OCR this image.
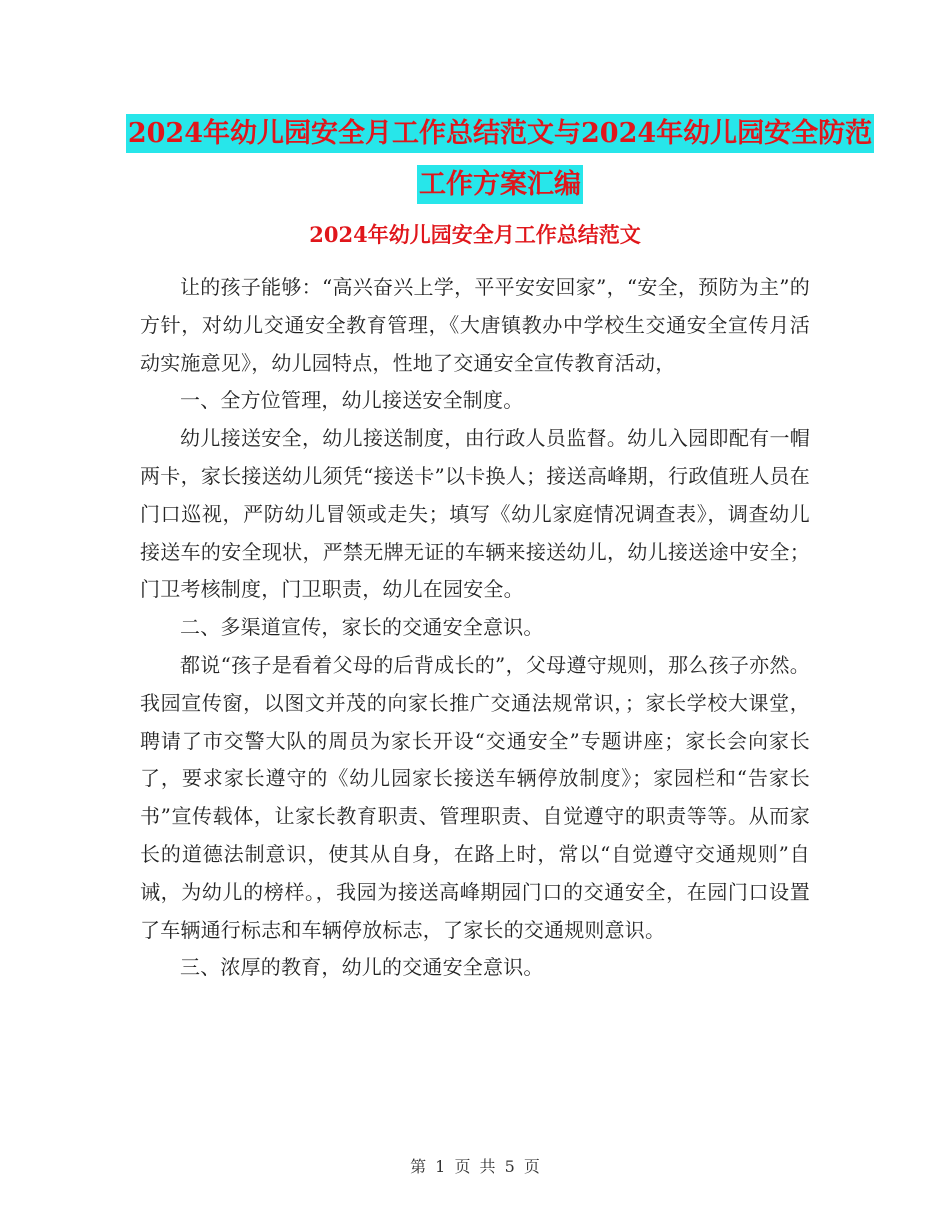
2024年幼儿园安全月工作总结范文与2024年幼儿园安全防范工作方案汇编
2024年幼儿园安全月工作总结范文

让的孩子能够：“高兴奋兴上学，平平安安回家”，“安全，预防为主”的方针，对幼儿交通安全教育管理，《大唐镇教办中学校生交通安全宣传月活动实施意见》，幼儿园特点，性地了交通安全宣传教育活动，

一、全方位管理，幼儿接送安全制度。

幼儿接送安全，幼儿接送制度，由行政人员监督。幼儿入园即配有一帽两卡，家长接送幼儿须凭“接送卡”以卡换人；接送高峰期，行政值班人员在门口巡视，严防幼儿冒领或走失；填写《幼儿家庭情况调查表》，调查幼儿接送车的安全现状，严禁无牌无证的车辆来接送幼儿，幼儿接送途中安全；门卫考核制度，门卫职责，幼儿在园安全。

二、多渠道宣传，家长的交通安全意识。

都说“孩子是看着父母的后背成长的”，父母遵守规则，那么孩子亦然。我园宣传窗，以图文并茂的向家长推广交通法规常识，；家长学校大课堂，聘请了市交警大队的周员为家长开设“交通安全”专题讲座；家长会向家长了，要求家长遵守的《幼儿园家长接送车辆停放制度》；家园栏和“告家长书”宣传载体，让家长教育职责、管理职责、自觉遵守的职责等等。从而家长的道德法制意识，使其从自身，在路上时，常以“自觉遵守交通规则”自诫，为幼儿的榜样。，我园为接送高峰期园门口的交通安全，在园门口设置了车辆通行标志和车辆停放标志，了家长的交通规则意识。

三、浓厚的教育，幼儿的交通安全意识。

第 1 页 共 5 页
